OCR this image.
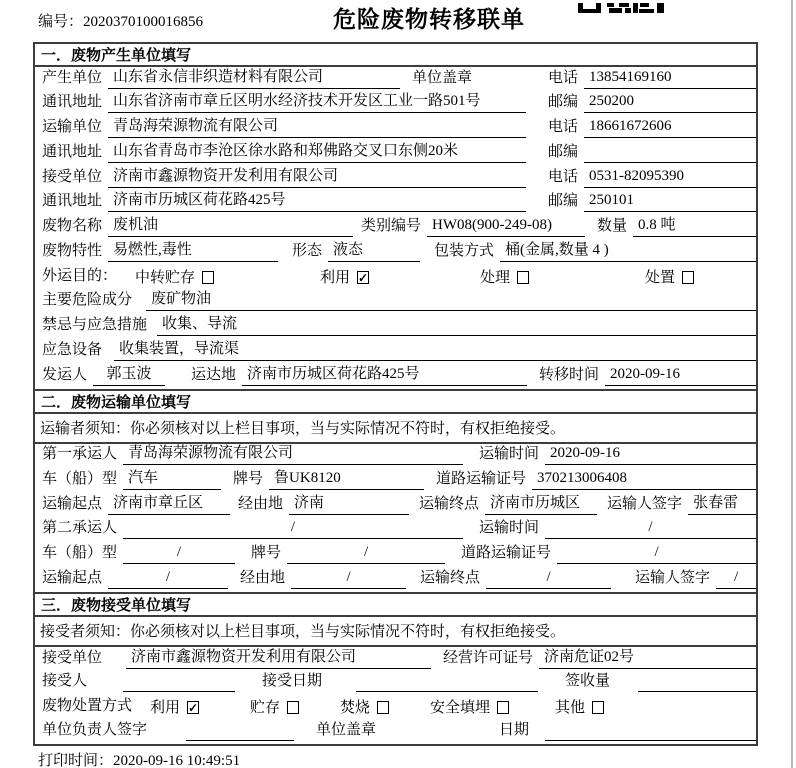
编号：2020370100016856	危险废物转移联单
一．废物产生单位填写
产生单位 山东省永信非织造材料有限公司	单位盖章	电话 13854169160
通讯地址 山东省济南市章丘区明水经济技术开发区工业一路501号	邮编 250200
运输单位 青岛海荣源物流有限公司	电话 18661672606
通讯地址 山东省青岛市李沧区徐水路和郑佛路交叉口东侧20米	邮编
接受单位 济南市鑫源物资开发利用有限公司	电话 0531-82095390
通讯地址 济南市历城区荷花路425号	邮编 250101
废物名称 废机油	类别编号 HW08(900-249-08)	数量 0.8 吨
废物特性 易燃性,毒性	形态 液态	包装方式 桶(金属,数量 4 )
外运目的：	中转贮存	利用 ✓	处理	处置
主要危险成分	废矿物油
禁忌与应急措施	收集、导流
应急设备	收集装置，导流渠
发运人	郭玉波	运达地 济南市历城区荷花路425号	转移时间 2020-09-16
二．废物运输单位填写
运输者须知：你必须核对以上栏目事项，当与实际情况不符时，有权拒绝接受。
第一承运人 青岛海荣源物流有限公司	运输时间 2020-09-16
车（船）型 汽车	牌号 鲁UK8120	道路运输证号 370213006408
运输起点 济南市章丘区	经由地 济南	运输终点 济南市历城区	运输人签字 张春雷
第二承运人	/	运输时间	/
车（船）型	/	牌号	/	道路运输证号	/
运输起点	/	经由地	/	运输终点	/	运输人签字	/
三．废物接受单位填写
接受者须知：你必须核对以上栏目事项，当与实际情况不符时，有权拒绝接受。
接受单位	济南市鑫源物资开发利用有限公司	经营许可证号 济南危证02号
接受人	接受日期	签收量
废物处置方式	利用 ✓	贮存	焚烧	安全填埋	其他
单位负责人签字	单位盖章	日期
打印时间：2020-09-16 10:49:51
